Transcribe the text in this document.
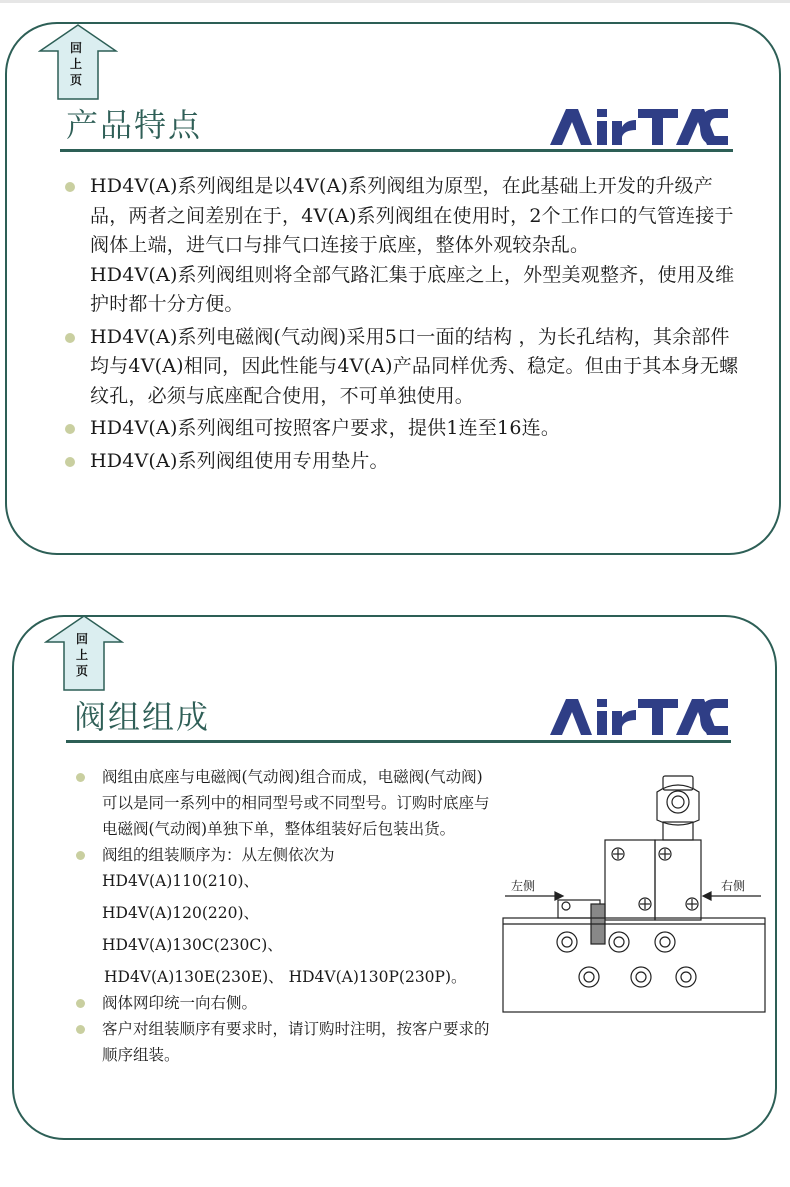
回上页
产品特点
HD4V(A)系列阀组是以4V(A)系列阀组为原型，在此基础上开发的升级产品，两者之间差别在于，4V(A)系列阀组在使用时，2个工作口的气管连接于阀体上端，进气口与排气口连接于底座，整体外观较杂乱。
HD4V(A)系列阀组则将全部气路汇集于底座之上，外型美观整齐，使用及维护时都十分方便。
HD4V(A)系列电磁阀(气动阀)采用5口一面的结构 ，为长孔结构，其余部件均与4V(A)相同，因此性能与4V(A)产品同样优秀、稳定。但由于其本身无螺纹孔，必须与底座配合使用，不可单独使用。
HD4V(A)系列阀组可按照客户要求，提供1连至16连。
HD4V(A)系列阀组使用专用垫片。
回上页
阀组组成
阀组由底座与电磁阀(气动阀)组合而成，电磁阀(气动阀)可以是同一系列中的相同型号或不同型号。订购时底座与电磁阀(气动阀)单独下单，整体组装好后包装出货。
阀组的组装顺序为：从左侧依次为
HD4V(A)110(210)、
HD4V(A)120(220)、
HD4V(A)130C(230C)、
HD4V(A)130E(230E)、 HD4V(A)130P(230P)。
阀体网印统一向右侧。
客户对组装顺序有要求时，请订购时注明，按客户要求的顺序组装。
左侧	右侧
